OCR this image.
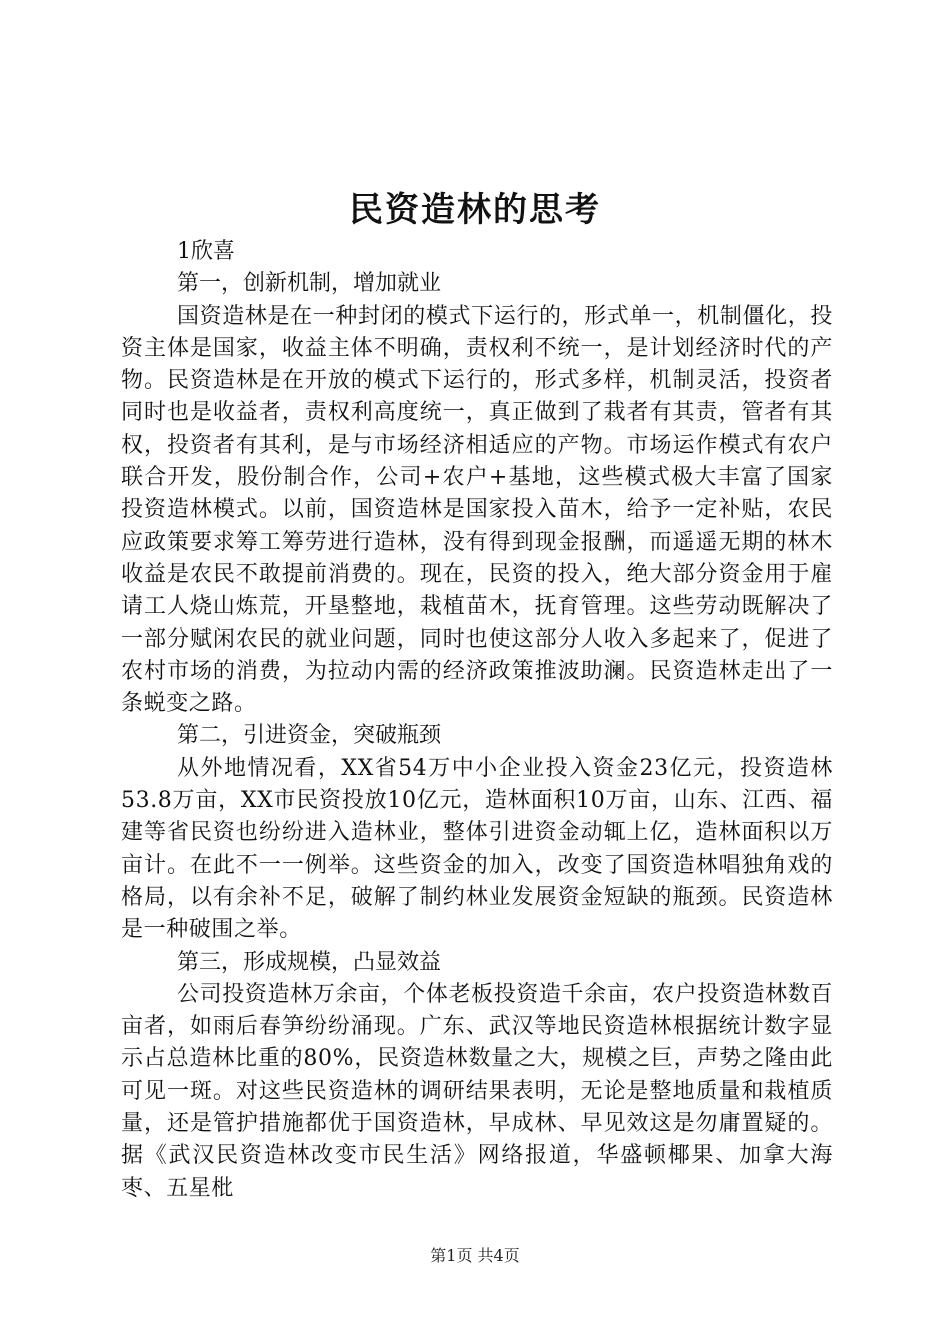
民资造林的思考
1欣喜
第一，创新机制，增加就业
国资造林是在一种封闭的模式下运行的，形式单一，机制僵化，投资主体是国家，收益主体不明确，责权利不统一，是计划经济时代的产物。民资造林是在开放的模式下运行的，形式多样，机制灵活，投资者同时也是收益者，责权利高度统一，真正做到了栽者有其责，管者有其权，投资者有其利，是与市场经济相适应的产物。市场运作模式有农户联合开发，股份制合作，公司+农户+基地，这些模式极大丰富了国家投资造林模式。以前，国资造林是国家投入苗木，给予一定补贴，农民应政策要求筹工筹劳进行造林，没有得到现金报酬，而遥遥无期的林木收益是农民不敢提前消费的。现在，民资的投入，绝大部分资金用于雇请工人烧山炼荒，开垦整地，栽植苗木，抚育管理。这些劳动既解决了一部分赋闲农民的就业问题，同时也使这部分人收入多起来了，促进了农村市场的消费，为拉动内需的经济政策推波助澜。民资造林走出了一条蜕变之路。
第二，引进资金，突破瓶颈
从外地情况看，XX省54万中小企业投入资金23亿元，投资造林53.8万亩，XX市民资投放10亿元，造林面积10万亩，山东、江西、福建等省民资也纷纷进入造林业，整体引进资金动辄上亿，造林面积以万亩计。在此不一一例举。这些资金的加入，改变了国资造林唱独角戏的格局，以有余补不足，破解了制约林业发展资金短缺的瓶颈。民资造林是一种破围之举。
第三，形成规模，凸显效益
公司投资造林万余亩，个体老板投资造千余亩，农户投资造林数百亩者，如雨后春笋纷纷涌现。广东、武汉等地民资造林根据统计数字显示占总造林比重的80%，民资造林数量之大，规模之巨，声势之隆由此可见一斑。对这些民资造林的调研结果表明，无论是整地质量和栽植质量，还是管护措施都优于国资造林，早成林、早见效这是勿庸置疑的。据《武汉民资造林改变市民生活》网络报道，华盛顿椰果、加拿大海枣、五星枇
第1页 共4页
